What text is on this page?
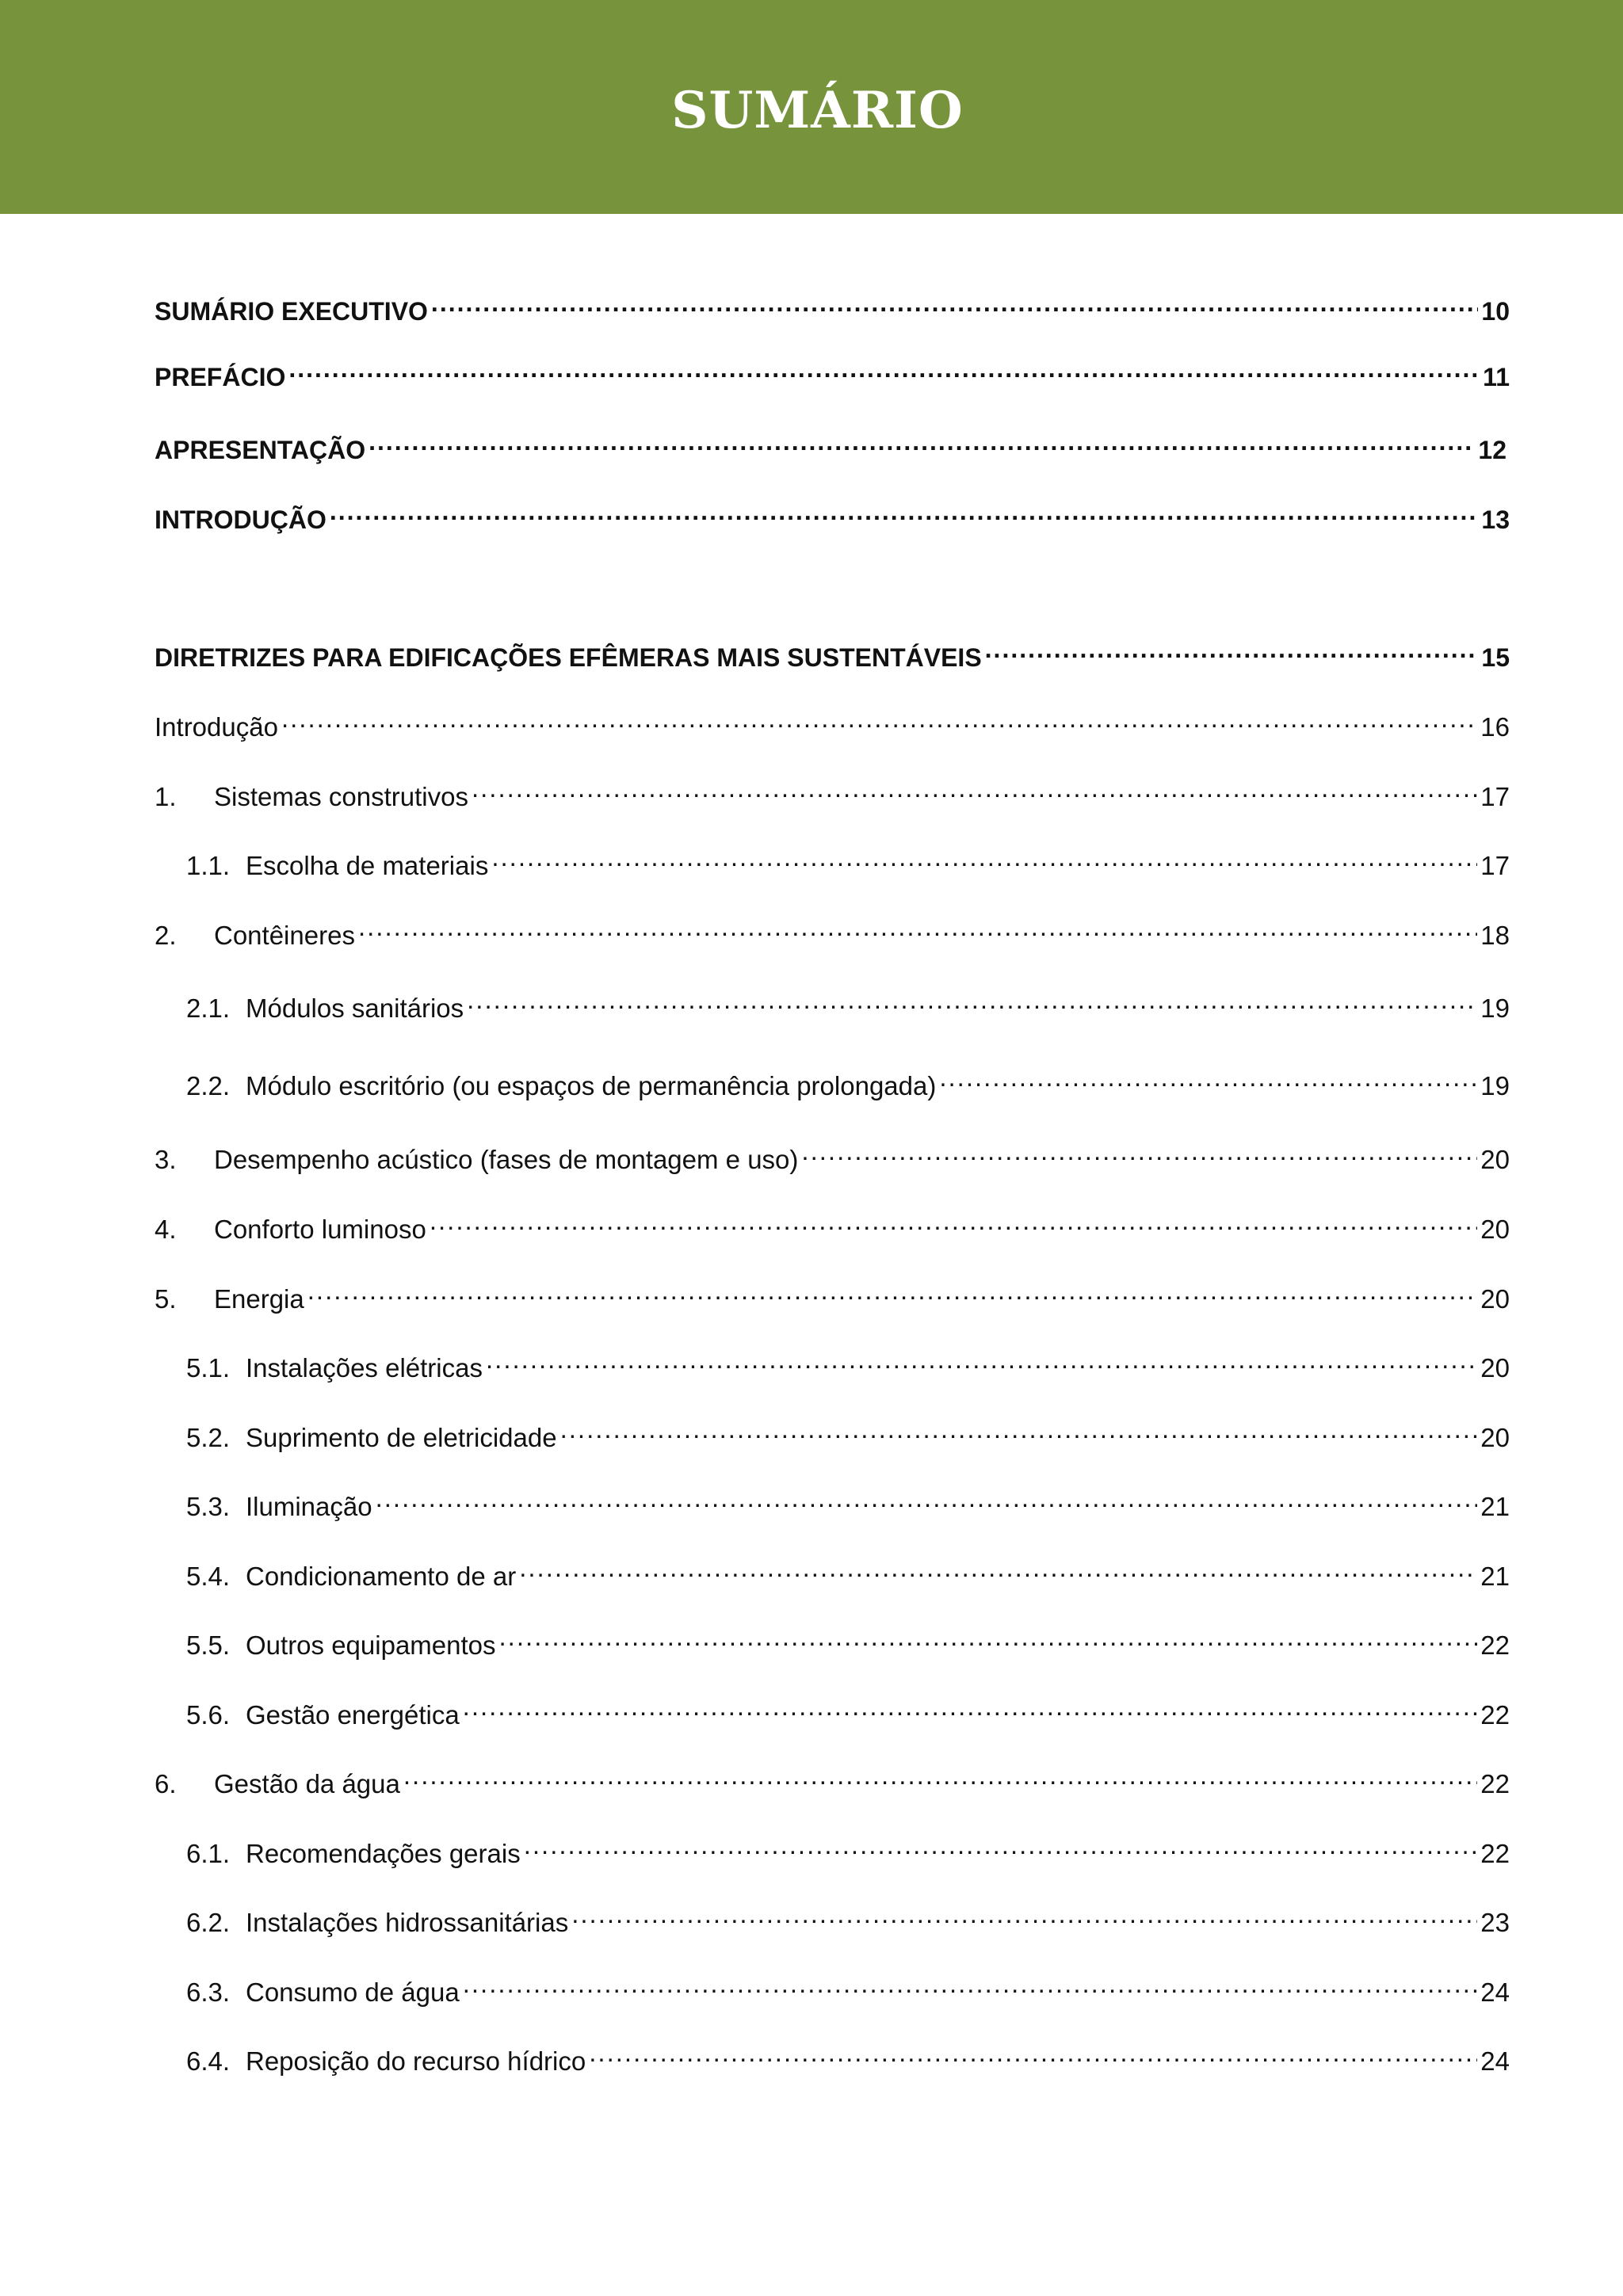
SUMÁRIO
SUMÁRIO EXECUTIVO .....	10
PREFÁCIO .....	11
APRESENTAÇÃO .....	12
INTRODUÇÃO .....	13
DIRETRIZES PARA EDIFICAÇÕES EFÊMERAS MAIS SUSTENTÁVEIS .....	15
Introdução .....	16
1.	Sistemas construtivos .....	17
1.1. Escolha de materiais .....	17
2.	Contêineres .....	18
2.1. Módulos sanitários .....	19
2.2. Módulo escritório (ou espaços de permanência prolongada) .....	19
3.	Desempenho acústico (fases de montagem e uso) .....	20
4.	Conforto luminoso .....	20
5.	Energia .....	20
5.1. Instalações elétricas .....	20
5.2. Suprimento de eletricidade .....	20
5.3. Iluminação .....	21
5.4. Condicionamento de ar .....	21
5.5. Outros equipamentos .....	22
5.6. Gestão energética .....	22
6.	Gestão da água .....	22
6.1. Recomendações gerais .....	22
6.2. Instalações hidrossanitárias .....	23
6.3. Consumo de água .....	24
6.4. Reposição do recurso hídrico .....	24
